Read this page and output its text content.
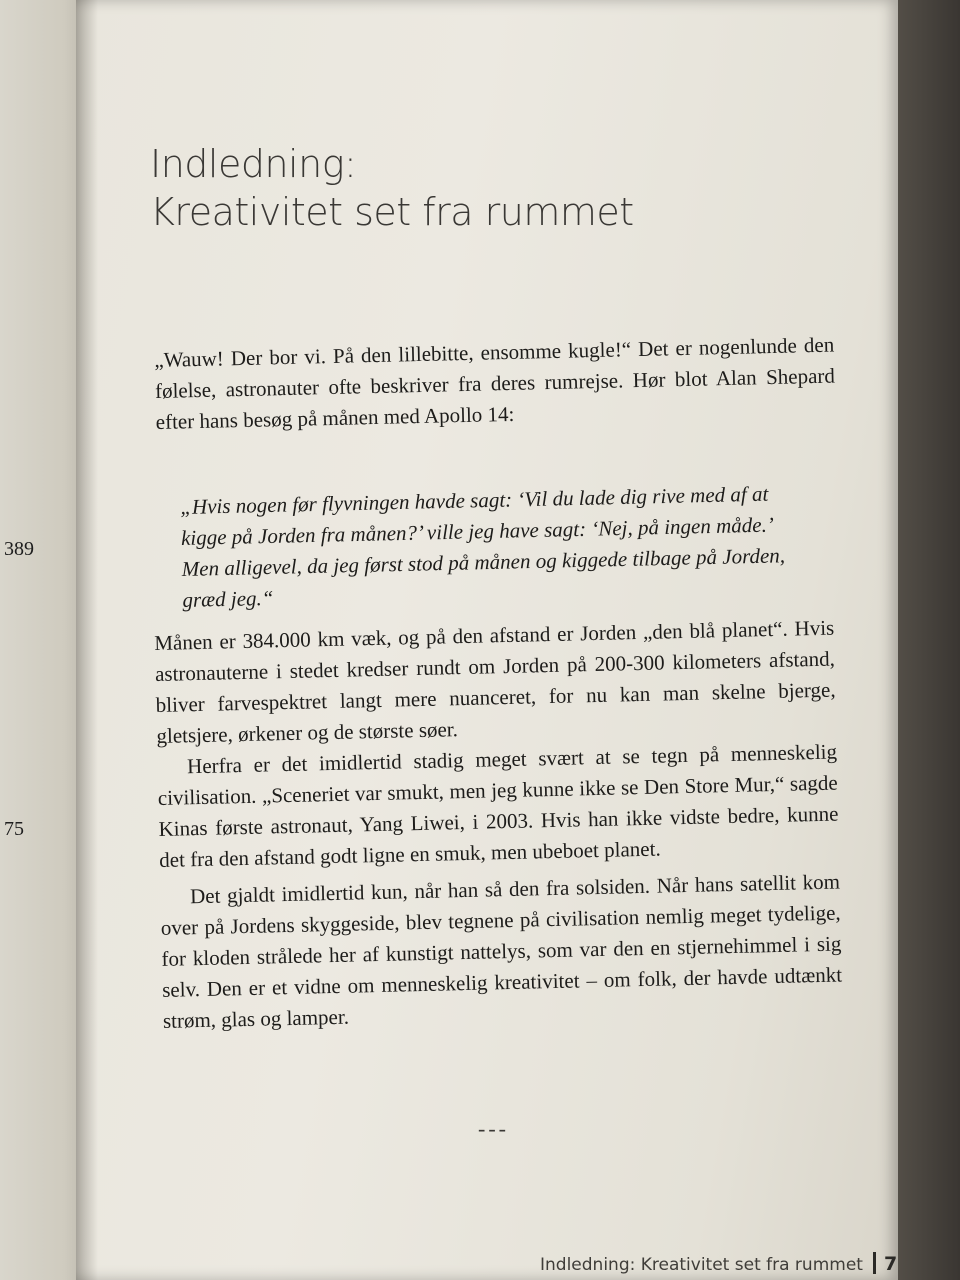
389
75
Indledning:
Kreativitet set fra rummet

„Wauw! Der bor vi. På den lillebitte, ensomme kugle!“ Det er nogenlunde den følelse, astronauter ofte beskriver fra deres rumrejse. Hør blot Alan Shepard efter hans besøg på månen med Apollo 14:

„Hvis nogen før flyvningen havde sagt: ‘Vil du lade dig rive med af at kigge på Jorden fra månen?’ ville jeg have sagt: ‘Nej, på ingen måde.’ Men alligevel, da jeg først stod på månen og kiggede tilbage på Jorden, græd jeg.“

Månen er 384.000 km væk, og på den afstand er Jorden „den blå planet“. Hvis astronauterne i stedet kredser rundt om Jorden på 200-300 kilometers afstand, bliver farvespektret langt mere nuanceret, for nu kan man skelne bjerge, gletsjere, ørkener og de største søer.

Herfra er det imidlertid stadig meget svært at se tegn på menneskelig civilisation. „Sceneriet var smukt, men jeg kunne ikke se Den Store Mur,“ sagde Kinas første astronaut, Yang Liwei, i 2003. Hvis han ikke vidste bedre, kunne det fra den afstand godt ligne en smuk, men ubeboet planet.

Det gjaldt imidlertid kun, når han så den fra solsiden. Når hans satellit kom over på Jordens skyggeside, blev tegnene på civilisation nemlig meget tydelige, for kloden strålede her af kunstigt nattelys, som var den en stjernehimmel i sig selv. Den er et vidne om menneskelig kreativitet – om folk, der havde udtænkt strøm, glas og lamper.

---
Indledning: Kreativitet set fra rummet 7
